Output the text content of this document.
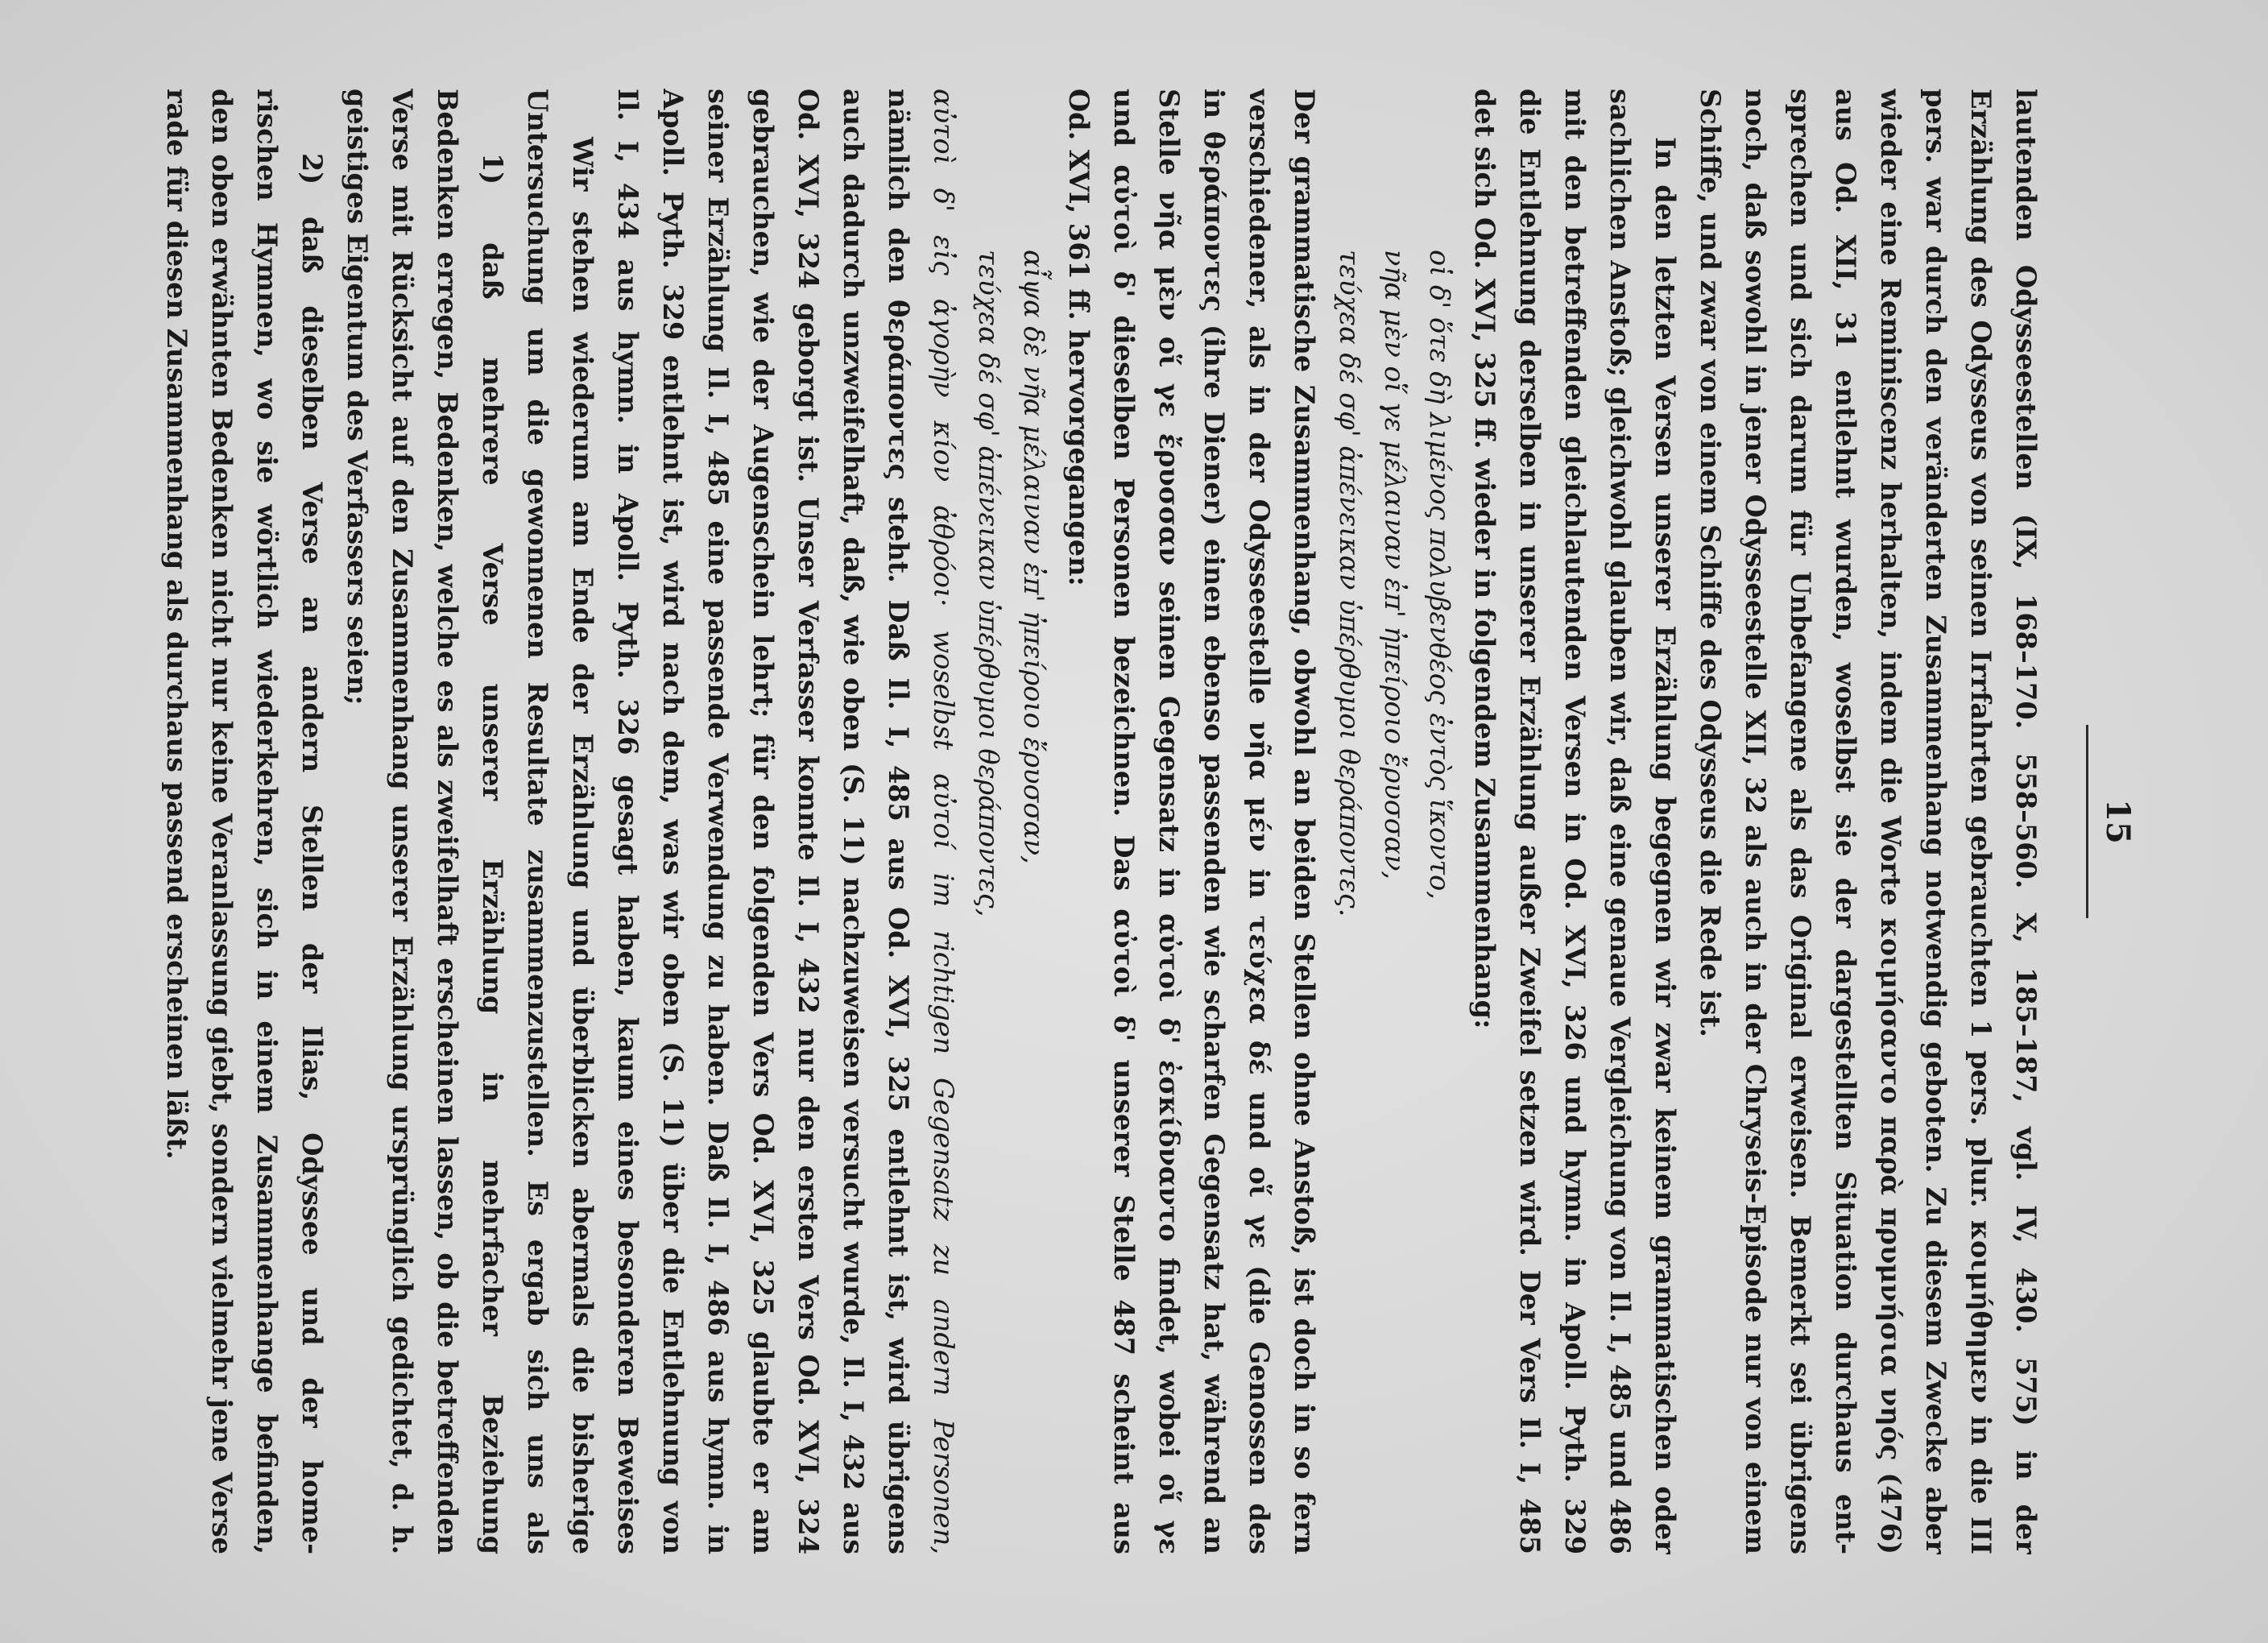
15
lautenden Odysseestellen (IX, 168–170. 558–560. X, 185–187, vgl. IV, 430. 575) in der
Erzählung des Odysseus von seinen Irrfahrten gebrauchten 1 pers. plur. κοιμήθημεν in die III
pers. war durch den veränderten Zusammenhang notwendig geboten. Zu diesem Zwecke aber
wieder eine Reminiscenz herhalten, indem die Worte κοιμήσαντο παρὰ πρυμνήσια νηός (476)
aus Od. XII, 31 entlehnt wurden, woselbst sie der dargestellten Situation durchaus ent-
sprechen und sich darum für Unbefangene als das Original erweisen. Bemerkt sei übrigens
noch, daß sowohl in jener Odysseestelle XII, 32 als auch in der Chryseis-Episode nur von einem
Schiffe, und zwar von einem Schiffe des Odysseus die Rede ist.
In den letzten Versen unserer Erzählung begegnen wir zwar keinem grammatischen oder
sachlichen Anstoß; gleichwohl glauben wir, daß eine genaue Vergleichung von Il. I, 485 und 486
mit den betreffenden gleichlautenden Versen in Od. XVI, 326 und hymn. in Apoll. Pyth. 329
die Entlehnung derselben in unserer Erzählung außer Zweifel setzen wird. Der Vers Il. I, 485
det sich Od. XVI, 325 ff. wieder in folgendem Zusammenhang:
οἱ δ' ὅτε δὴ λιμένος πολυβενθέος ἐντὸς ἵκοντο,
νῆα μὲν οἵ γε μέλαιναν ἐπ' ἠπείροιο ἔρυσσαν,
τεύχεα δέ σφ' ἀπένεικαν ὑπέρθυμοι θεράποντες.
Der grammatische Zusammenhang, obwohl an beiden Stellen ohne Anstoß, ist doch in so fern
verschiedener, als in der Odysseestelle νῆα μέν in τεύχεα δέ und οἵ γε (die Genossen des
in θεράποντες (ihre Diener) einen ebenso passenden wie scharfen Gegensatz hat, während an
Stelle νῆα μὲν οἵ γε ἔρυσσαν seinen Gegensatz in αὐτοὶ δ' ἐσκίδναντο findet, wobei οἵ γε
und αὐτοὶ δ' dieselben Personen bezeichnen. Das αὐτοὶ δ' unserer Stelle 487 scheint aus
Od. XVI, 361 ff. hervorgegangen:
αἶψα δὲ νῆα μέλαιναν ἐπ' ἠπείροιο ἔρυσσαν,
τεύχεα δέ σφ' ἀπένεικαν ὑπέρθυμοι θεράποντες,
αὐτοὶ δ' εἰς ἀγορὴν κίον ἀθρόοι· woselbst αὐτοί im richtigen Gegensatz zu andern Personen,
nämlich den θεράποντες steht. Daß Il. I, 485 aus Od. XVI, 325 entlehnt ist, wird übrigens
auch dadurch unzweifelhaft, daß, wie oben (S. 11) nachzuweisen versucht wurde, Il. I, 432 aus
Od. XVI, 324 geborgt ist. Unser Verfasser konnte Il. I, 432 nur den ersten Vers Od. XVI, 324
gebrauchen, wie der Augenschein lehrt; für den folgenden Vers Od. XVI, 325 glaubte er am
seiner Erzählung Il. I, 485 eine passende Verwendung zu haben. Daß Il. I, 486 aus hymn. in
Apoll. Pyth. 329 entlehnt ist, wird nach dem, was wir oben (S. 11) über die Entlehnung von
Il. I, 434 aus hymn. in Apoll. Pyth. 326 gesagt haben, kaum eines besonderen Beweises
Wir stehen wiederum am Ende der Erzählung und überblicken abermals die bisherige
Untersuchung um die gewonnenen Resultate zusammenzustellen. Es ergab sich uns als
1) daß mehrere Verse unserer Erzählung in mehrfacher Beziehung
Bedenken erregen, Bedenken, welche es als zweifelhaft erscheinen lassen, ob die betreffenden
Verse mit Rücksicht auf den Zusammenhang unserer Erzählung ursprünglich gedichtet, d. h.
geistiges Eigentum des Verfassers seien;
2) daß dieselben Verse an andern Stellen der Ilias, Odyssee und der home-
rischen Hymnen, wo sie wörtlich wiederkehren, sich in einem Zusammenhange befinden,
den oben erwähnten Bedenken nicht nur keine Veranlassung giebt, sondern vielmehr jene Verse
rade für diesen Zusammenhang als durchaus passend erscheinen läßt.
